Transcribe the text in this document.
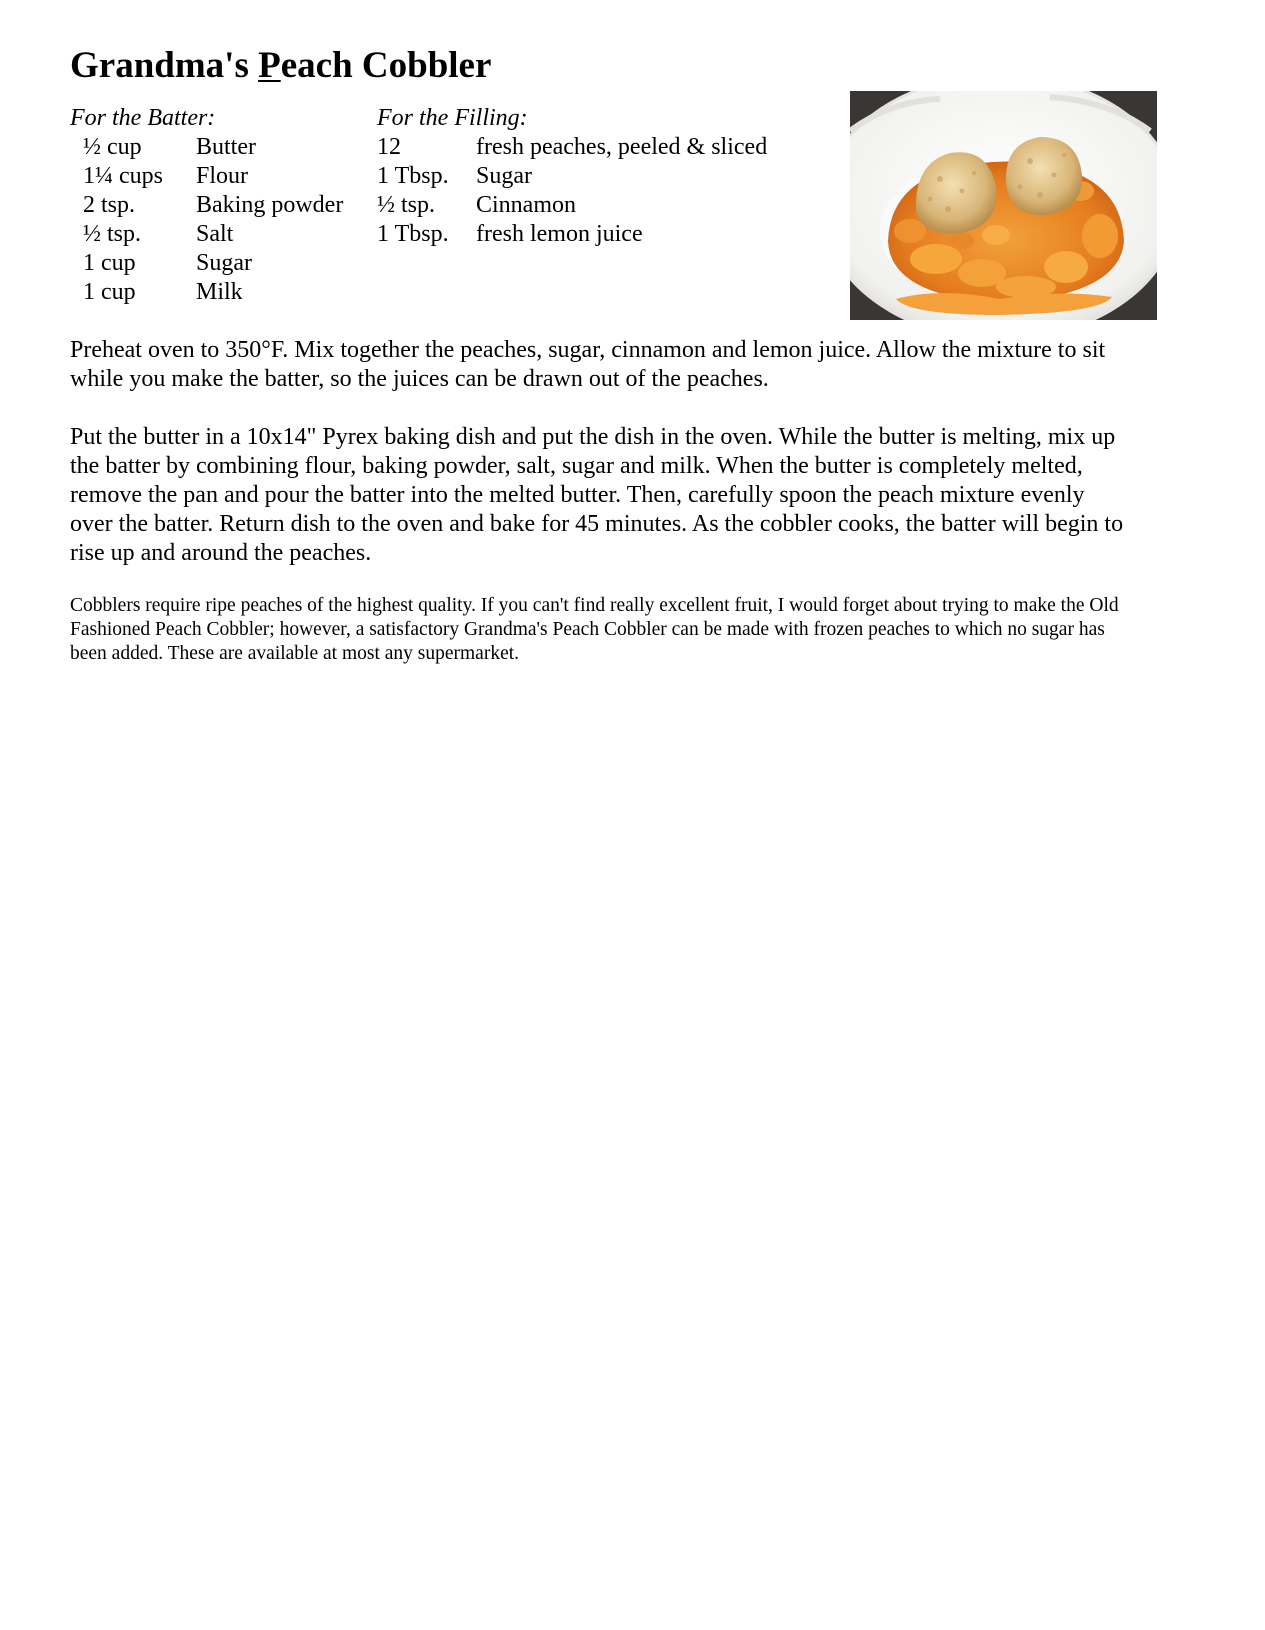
Grandma's Peach Cobbler
For the Batter:
½ cup	Butter
1¼ cups	Flour
2 tsp.	Baking powder
½ tsp.	Salt
1 cup	Sugar
1 cup	Milk
For the Filling:
12	fresh peaches, peeled & sliced
1 Tbsp.	Sugar
½ tsp.	Cinnamon
1 Tbsp.	fresh lemon juice

Preheat oven to 350°F. Mix together the peaches, sugar, cinnamon and lemon juice. Allow the mixture to sit while you make the batter, so the juices can be drawn out of the peaches.

Put the butter in a 10x14" Pyrex baking dish and put the dish in the oven. While the butter is melting, mix up the batter by combining flour, baking powder, salt, sugar and milk. When the butter is completely melted, remove the pan and pour the batter into the melted butter. Then, carefully spoon the peach mixture evenly over the batter. Return dish to the oven and bake for 45 minutes. As the cobbler cooks, the batter will begin to rise up and around the peaches.

Cobblers require ripe peaches of the highest quality. If you can't find really excellent fruit, I would forget about trying to make the Old Fashioned Peach Cobbler; however, a satisfactory Grandma's Peach Cobbler can be made with frozen peaches to which no sugar has been added. These are available at most any supermarket.
